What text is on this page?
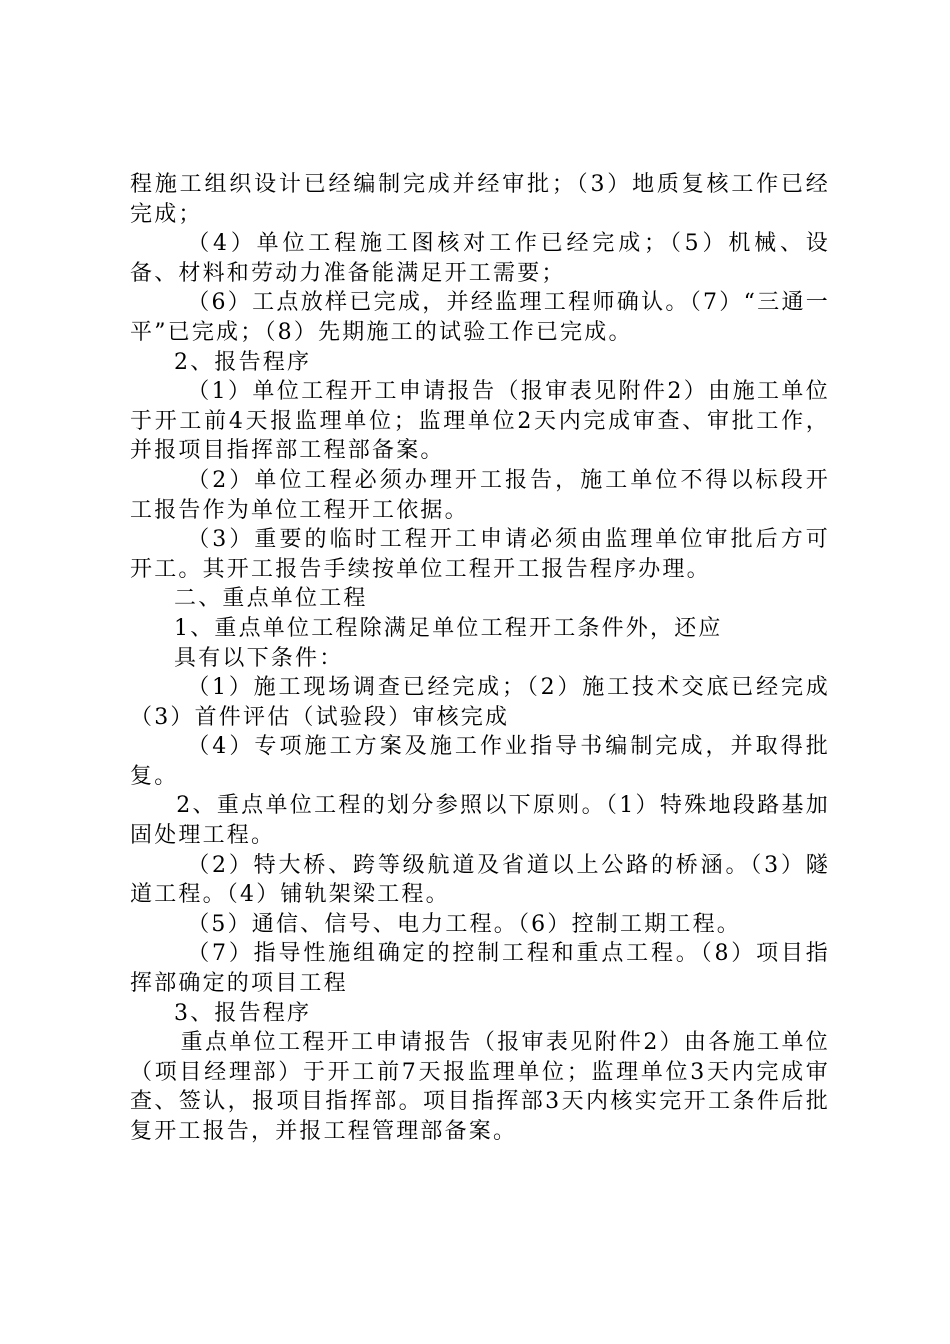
程施工组织设计已经编制完成并经审批；（3）地质复核工作已经完成；

（4）单位工程施工图核对工作已经完成；（5）机械、设备、材料和劳动力准备能满足开工需要；

（6）工点放样已完成，并经监理工程师确认。（7）“三通一平”已完成；（8）先期施工的试验工作已完成。

2、报告程序

（1）单位工程开工申请报告（报审表见附件2）由施工单位于开工前4天报监理单位；监理单位2天内完成审查、审批工作，并报项目指挥部工程部备案。

（2）单位工程必须办理开工报告，施工单位不得以标段开工报告作为单位工程开工依据。

（3）重要的临时工程开工申请必须由监理单位审批后方可开工。其开工报告手续按单位工程开工报告程序办理。

二、重点单位工程

1、重点单位工程除满足单位工程开工条件外，还应

具有以下条件：

（1）施工现场调查已经完成；（2）施工技术交底已经完成（3）首件评估（试验段）审核完成

（4）专项施工方案及施工作业指导书编制完成，并取得批复。

2、重点单位工程的划分参照以下原则。（1）特殊地段路基加固处理工程。

（2）特大桥、跨等级航道及省道以上公路的桥涵。（3）隧道工程。（4）铺轨架梁工程。

（5）通信、信号、电力工程。（6）控制工期工程。

（7）指导性施组确定的控制工程和重点工程。（8）项目指挥部确定的项目工程

3、报告程序

重点单位工程开工申请报告（报审表见附件2）由各施工单位（项目经理部）于开工前7天报监理单位；监理单位3天内完成审查、签认，报项目指挥部。项目指挥部3天内核实完开工条件后批复开工报告，并报工程管理部备案。
